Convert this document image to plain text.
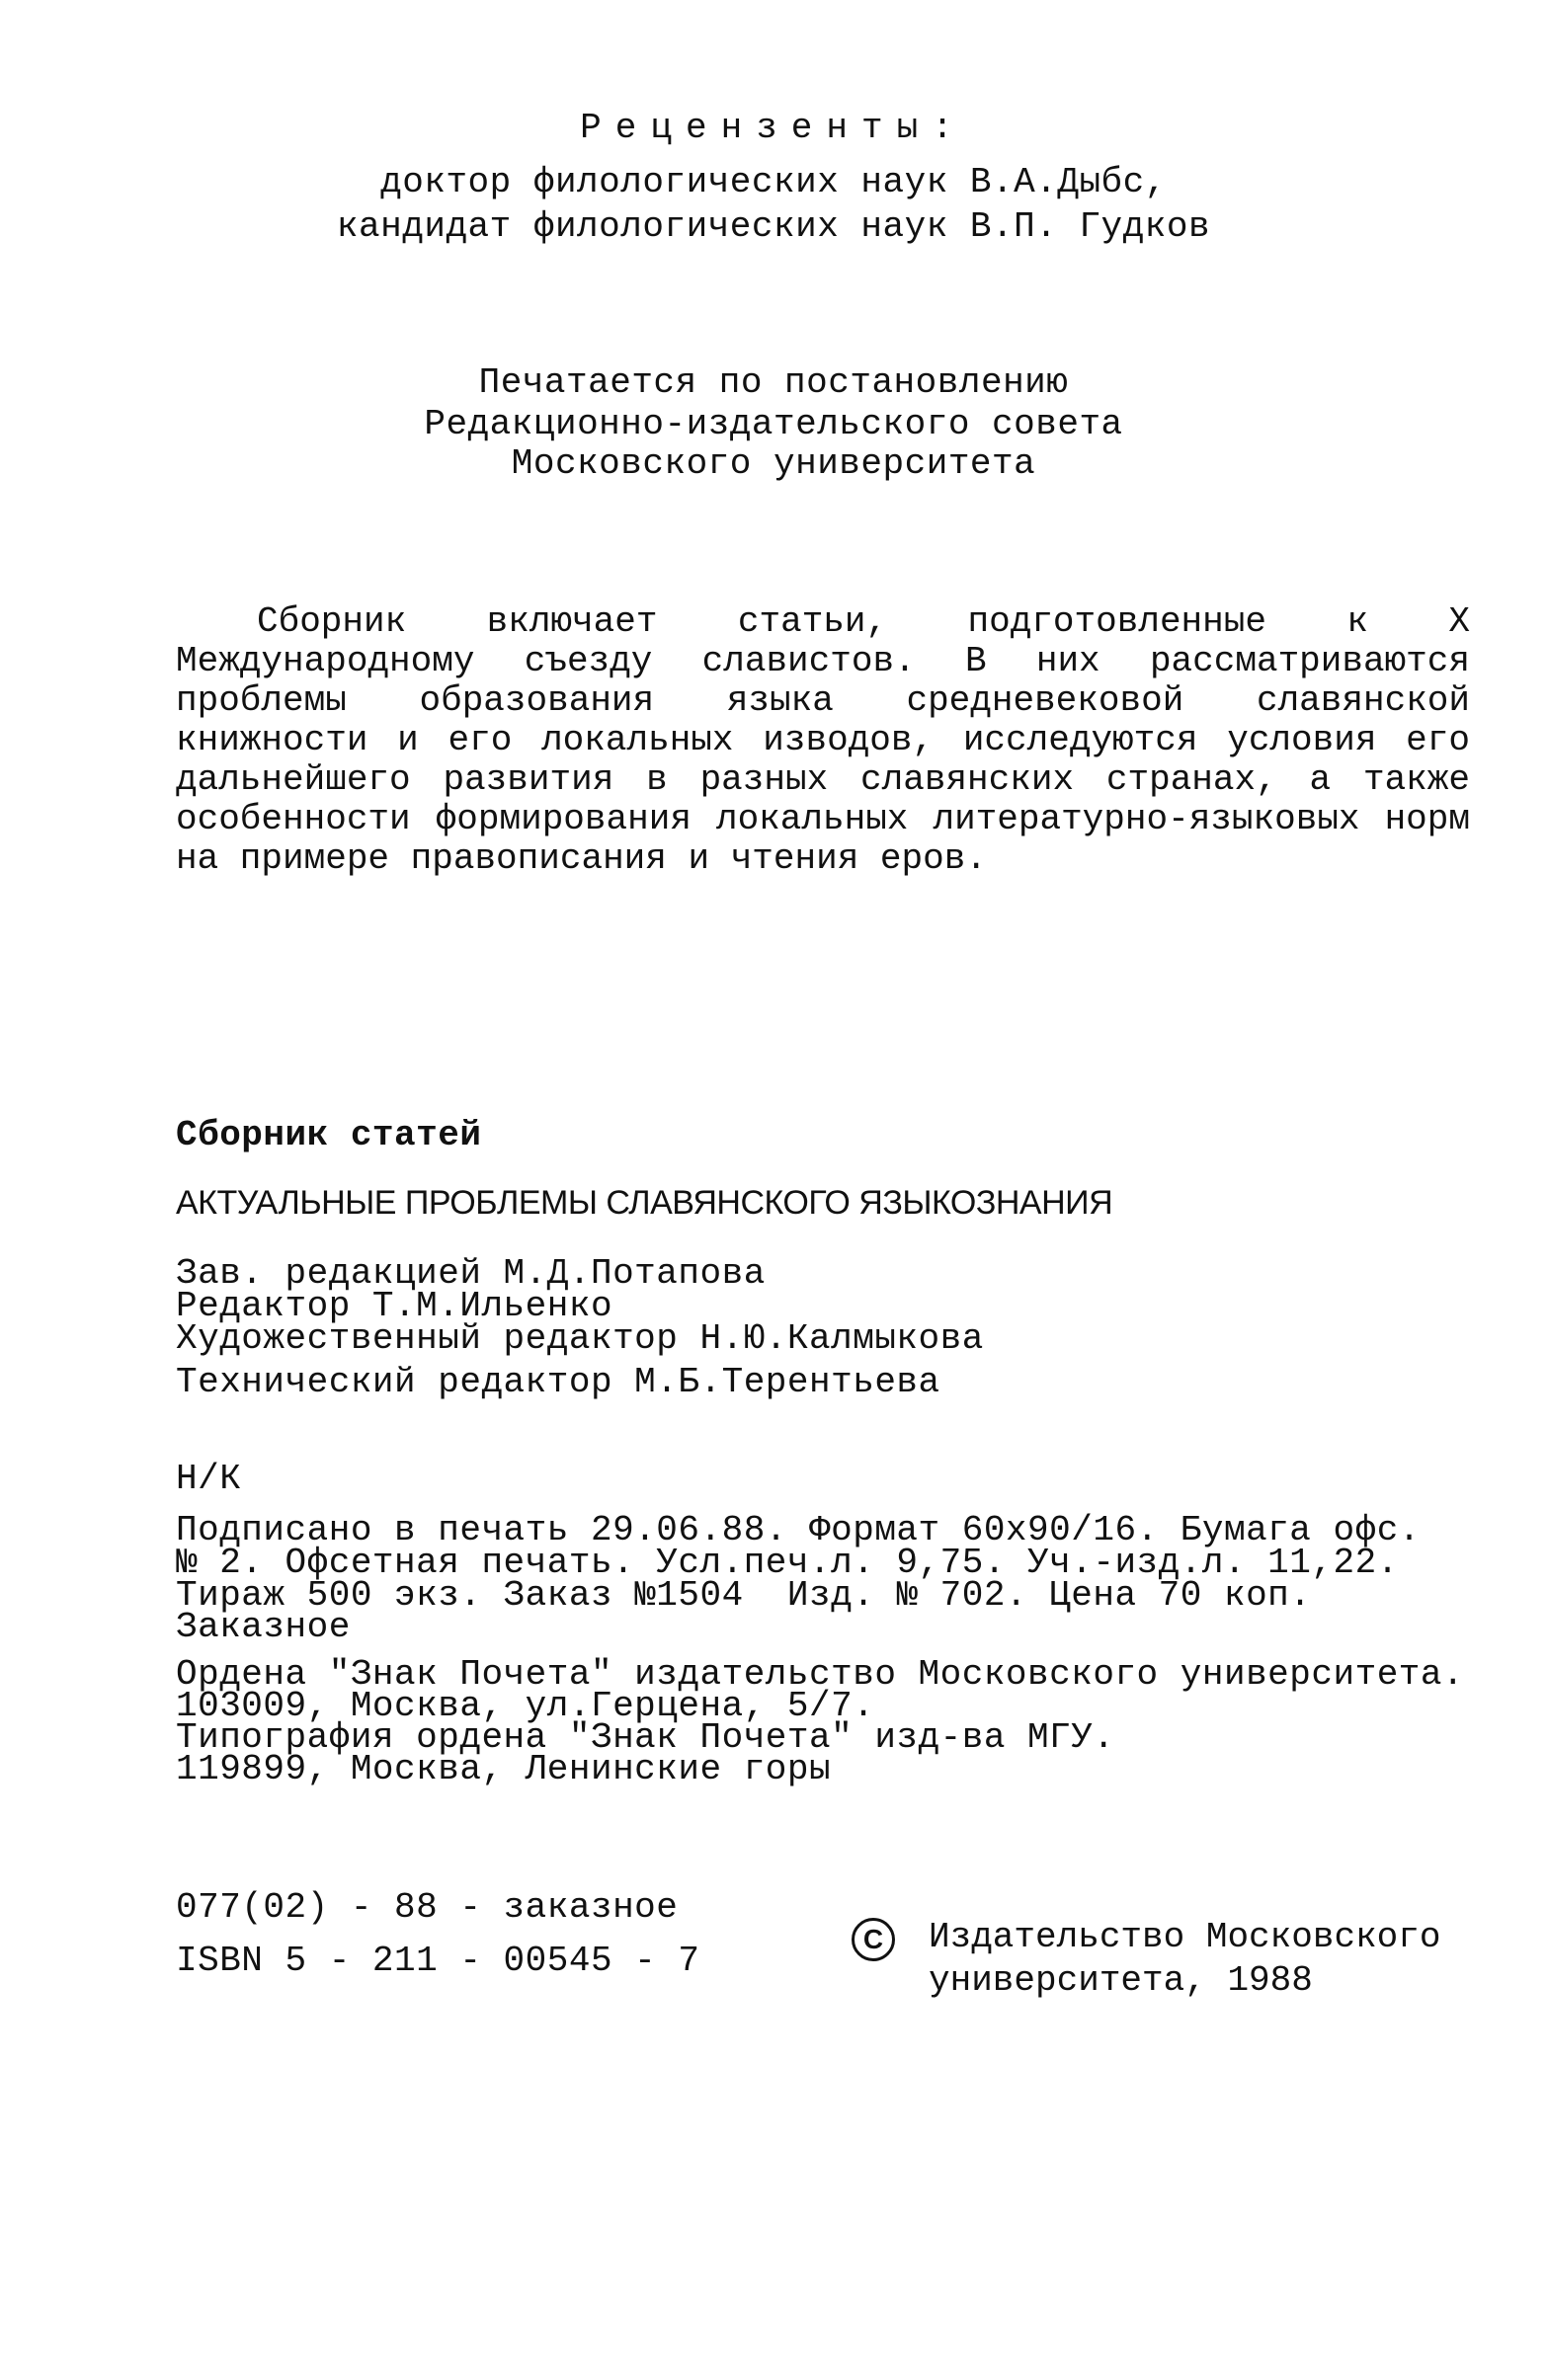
Рецензенты:
доктор филологических наук В.А.Дыбс,
кандидат филологических наук В.П. Гудков
Печатается по постановлению
Редакционно-издательского совета
Московского университета
Сборник включает статьи, подготовленные к X Международному съезду славистов. В них рассматриваются проблемы образования языка средневековой славянской книжности и его локальных изводов, исследуются условия его дальнейшего развития в разных славянских странах, а также особенности формирования локальных литературно-языковых норм на примере правописания и чтения еров.
Сборник статей
АКТУАЛЬНЫЕ ПРОБЛЕМЫ СЛАВЯНСКОГО ЯЗЫКОЗНАНИЯ
Зав. редакцией М.Д.Потапова
Редактор Т.М.Ильенко
Художественный редактор Н.Ю.Калмыкова
Технический редактор М.Б.Терентьева
Н/К
Подписано в печать 29.06.88. Формат 60х90/16. Бумага офс.
№ 2. Офсетная печать. Усл.печ.л. 9,75. Уч.-изд.л. 11,22.
Тираж 500 экз. Заказ №1504  Изд. № 702. Цена 70 коп.
Заказное
Ордена "Знак Почета" издательство Московского университета.
103009, Москва, ул.Герцена, 5/7.
Типография ордена "Знак Почета" изд-ва МГУ.
119899, Москва, Ленинские горы
077(02) - 88 - заказное
ISBN 5 - 211 - 00545 - 7
С	Издательство Московского
университета, 1988
